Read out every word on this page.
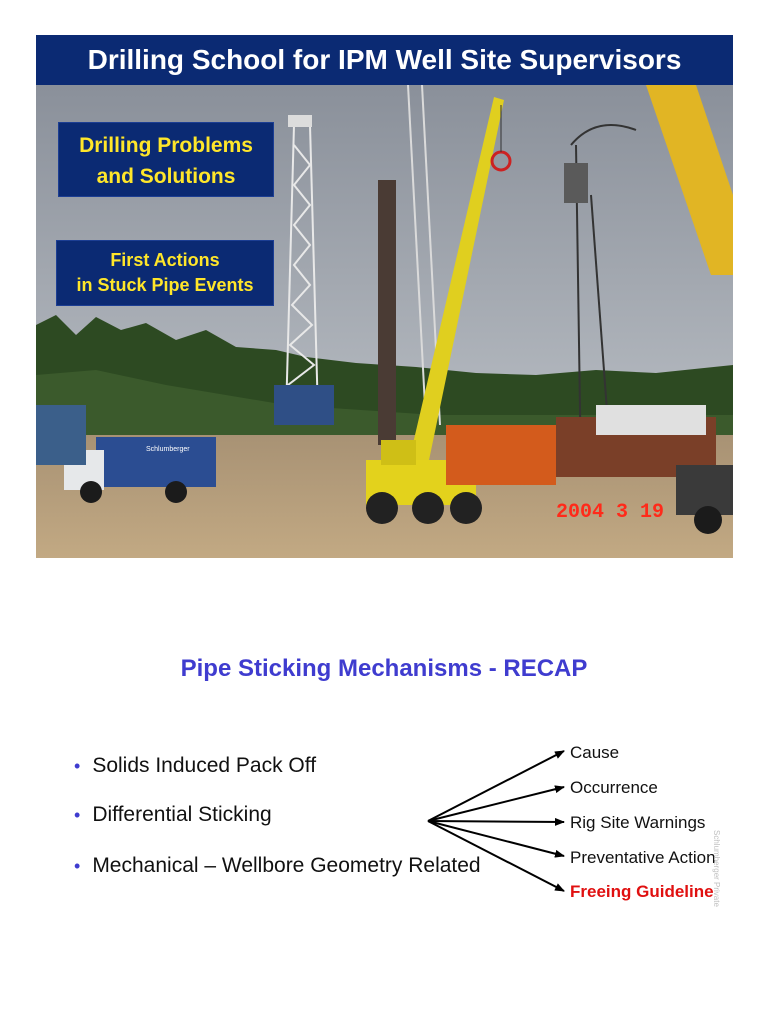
Drilling School for IPM Well Site Supervisors
Schlumberger
2004 3 19
Drilling Problems
and Solutions
First Actions
in Stuck Pipe Events
Pipe Sticking Mechanisms - RECAP
• Solids Induced Pack Off
• Differential Sticking
• Mechanical – Wellbore Geometry Related
Cause
Occurrence
Rig Site Warnings
Preventative Action
Freeing Guideline
Schlumberger Private
